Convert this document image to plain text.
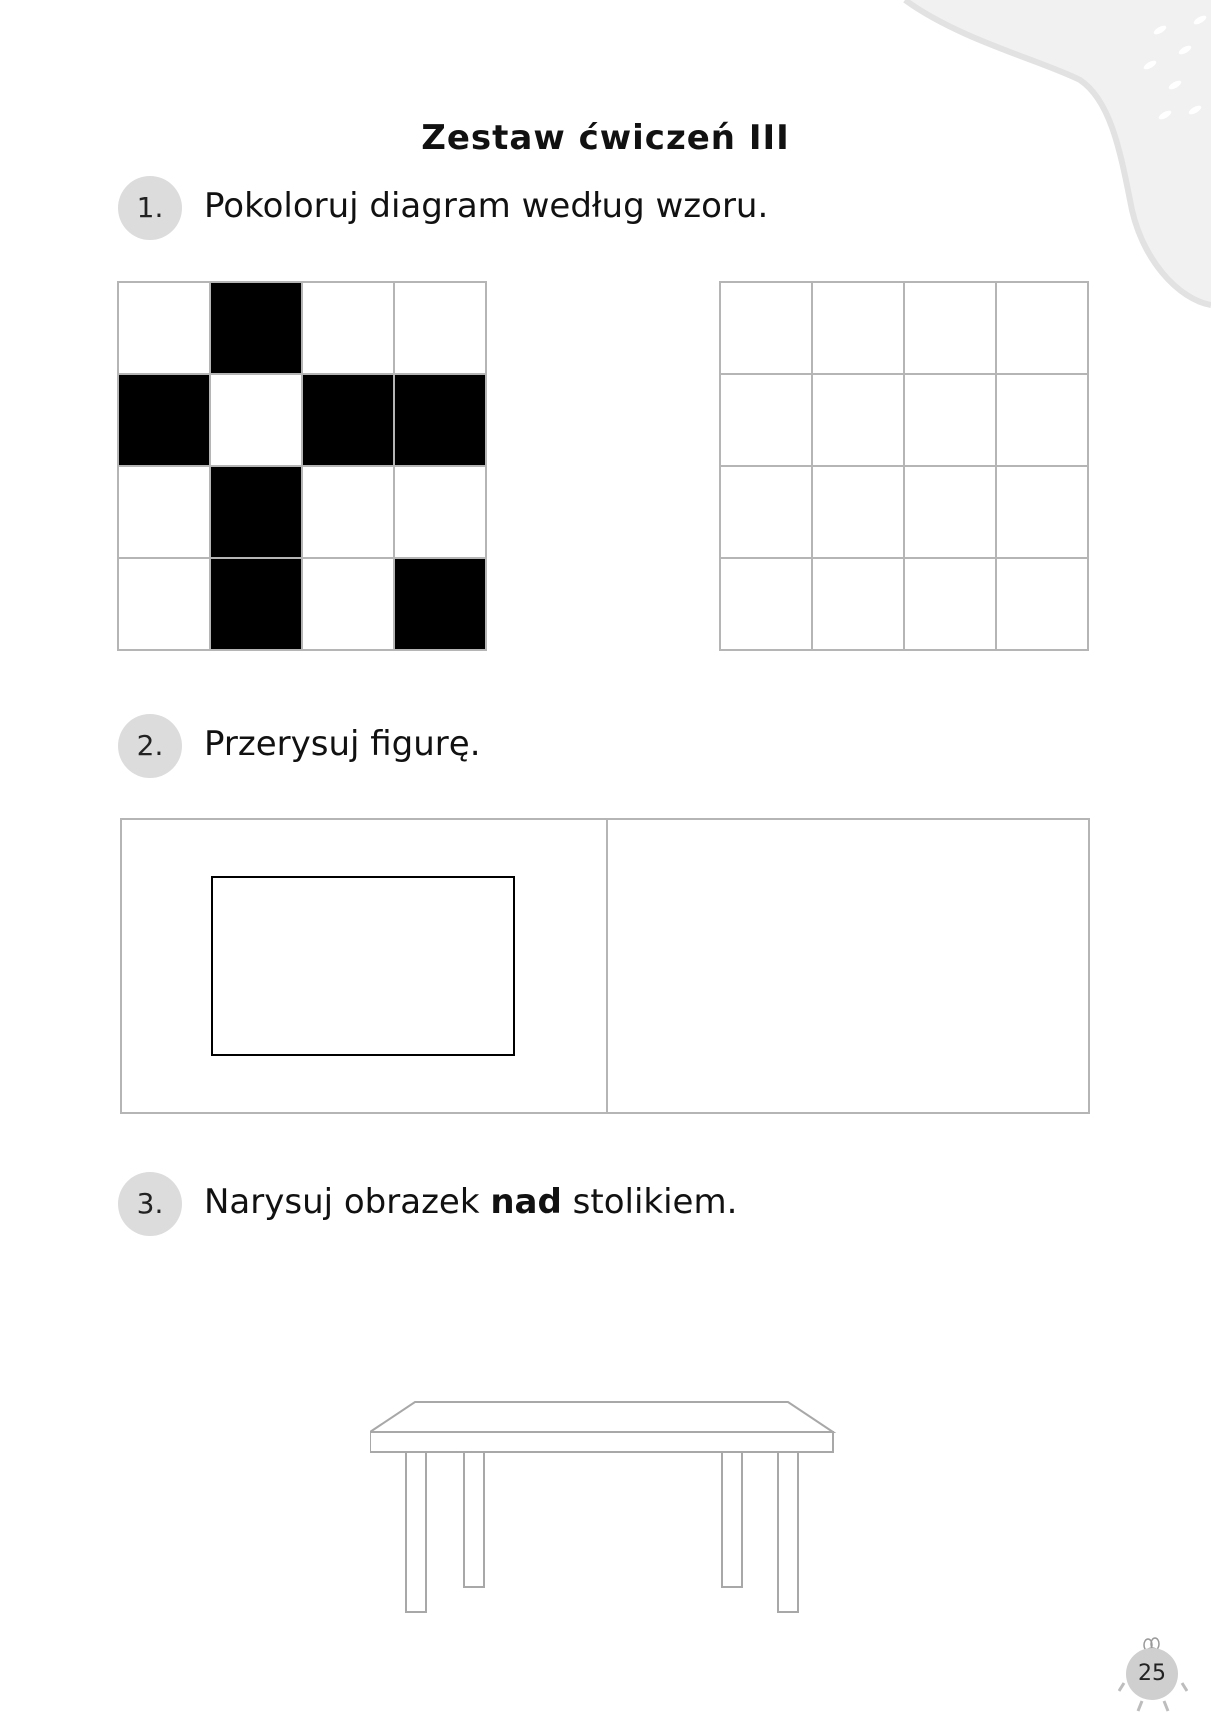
Zestaw ćwiczeń III
1.	Pokoloruj diagram według wzoru.

2.	Przerysuj figurę.
3.	Narysuj obrazek nad stolikiem.
25
